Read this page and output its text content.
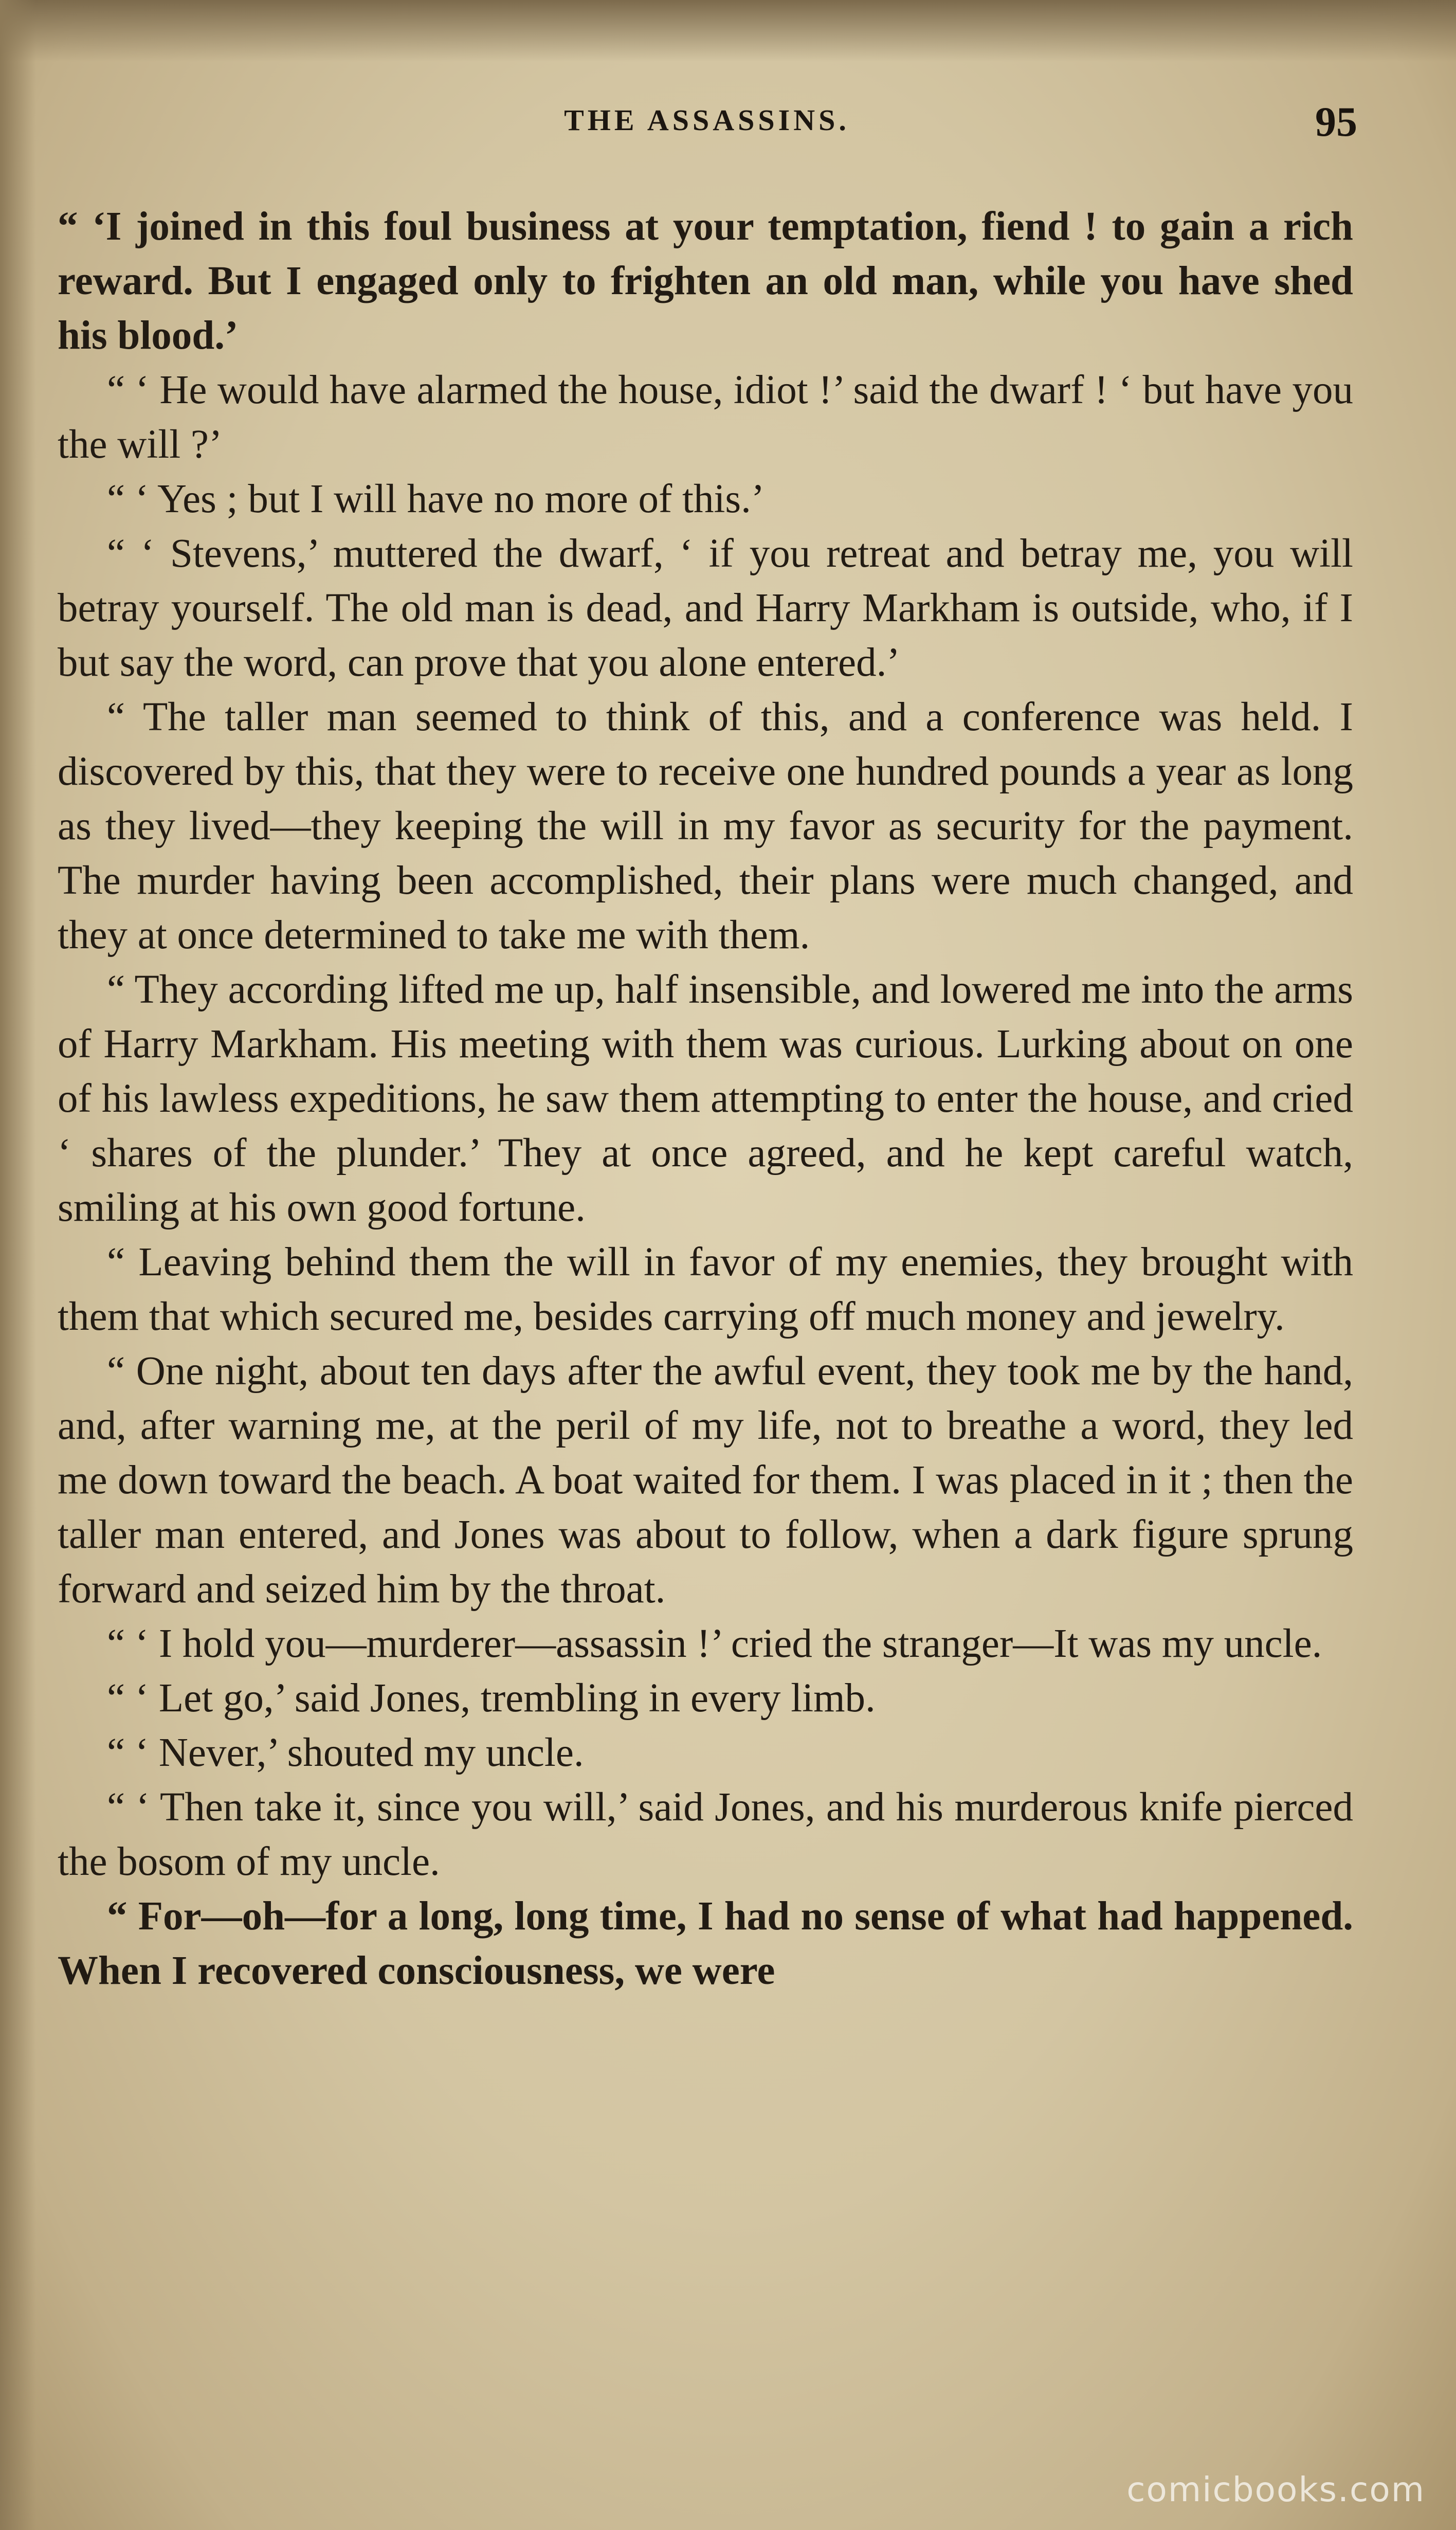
THE ASSASSINS.	95

“ ‘I joined in this foul business at your temptation, fiend ! to gain a rich reward. But I engaged only to frighten an old man, while you have shed his blood.’

“ ‘ He would have alarmed the house, idiot !’ said the dwarf ! ‘ but have you the will ?’

“ ‘ Yes ; but I will have no more of this.’

“ ‘ Stevens,’ muttered the dwarf, ‘ if you retreat and betray me, you will betray yourself. The old man is dead, and Harry Markham is outside, who, if I but say the word, can prove that you alone entered.’

“ The taller man seemed to think of this, and a conference was held. I discovered by this, that they were to receive one hundred pounds a year as long as they lived—they keeping the will in my favor as security for the payment. The murder having been accomplished, their plans were much changed, and they at once determined to take me with them.

“ They according lifted me up, half insensible, and lowered me into the arms of Harry Markham. His meeting with them was curious. Lurking about on one of his lawless expeditions, he saw them attempting to enter the house, and cried ‘ shares of the plunder.’ They at once agreed, and he kept careful watch, smiling at his own good fortune.

“ Leaving behind them the will in favor of my enemies, they brought with them that which secured me, besides carrying off much money and jewelry.

“ One night, about ten days after the awful event, they took me by the hand, and, after warning me, at the peril of my life, not to breathe a word, they led me down toward the beach. A boat waited for them. I was placed in it ; then the taller man entered, and Jones was about to follow, when a dark figure sprung forward and seized him by the throat.

“ ‘ I hold you—murderer—assassin !’ cried the stranger—It was my uncle.

“ ‘ Let go,’ said Jones, trembling in every limb.

“ ‘ Never,’ shouted my uncle.

“ ‘ Then take it, since you will,’ said Jones, and his murderous knife pierced the bosom of my uncle.

“ For—oh—for a long, long time, I had no sense of what had happened. When I recovered consciousness, we were

comicbooks.com
